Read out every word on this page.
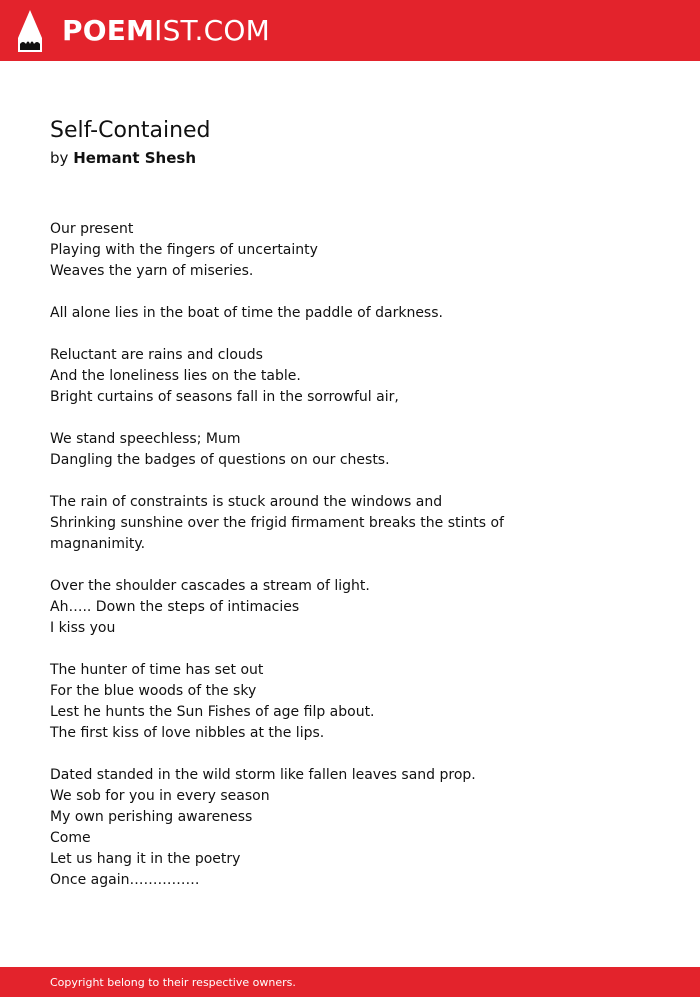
POEMIST.COM
Self-Contained
by Hemant Shesh
Our present
Playing with the fingers of uncertainty
Weaves the yarn of miseries.
All alone lies in the boat of time the paddle of darkness.
Reluctant are rains and clouds
And the loneliness lies on the table.
Bright curtains of seasons fall in the sorrowful air,
We stand speechless; Mum
Dangling the badges of questions on our chests.
The rain of constraints is stuck around the windows and
Shrinking sunshine over the frigid firmament breaks the stints of
magnanimity.
Over the shoulder cascades a stream of light.
Ah….. Down the steps of intimacies
I kiss you
The hunter of time has set out
For the blue woods of the sky
Lest he hunts the Sun Fishes of age filp about.
The first kiss of love nibbles at the lips.
Dated standed in the wild storm like fallen leaves sand prop.
We sob for you in every season
My own perishing awareness
Come
Let us hang it in the poetry
Once again……………
Copyright belong to their respective owners.
